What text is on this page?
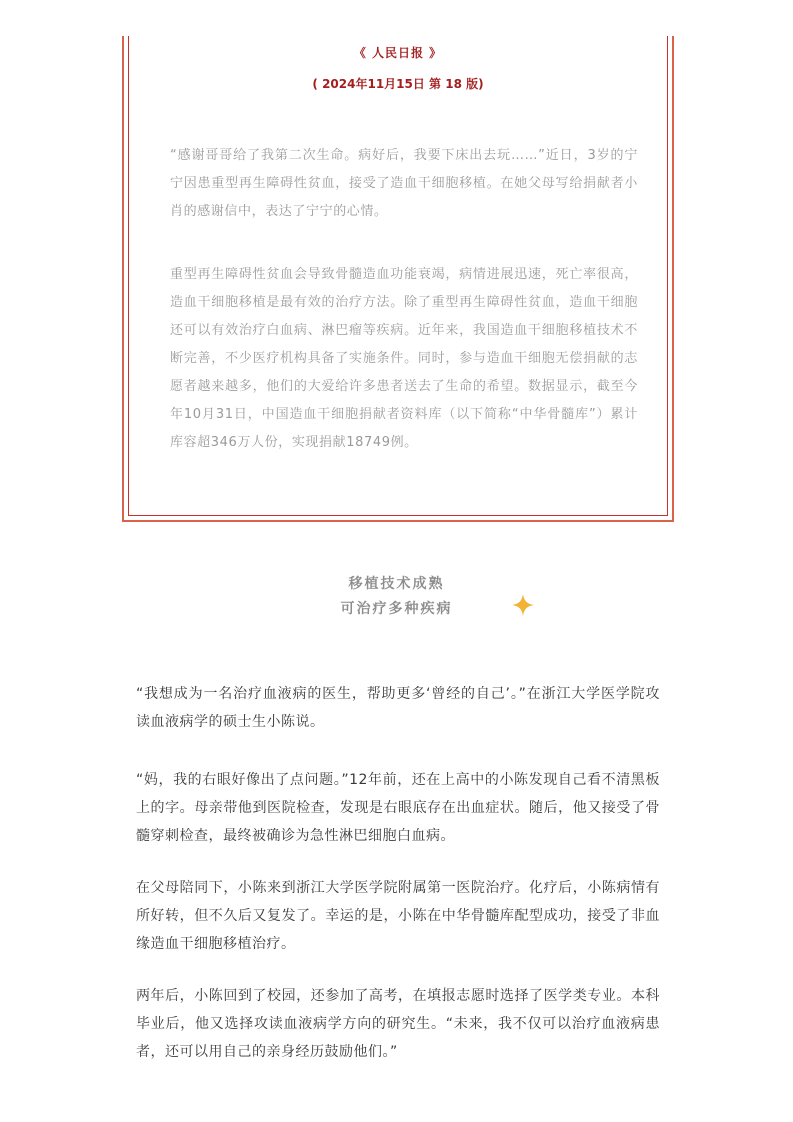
《 人民日报 》
( 2024年11月15日 第 18 版)

“感谢哥哥给了我第二次生命。病好后，我要下床出去玩……”近日，3岁的宁宁因患重型再生障碍性贫血，接受了造血干细胞移植。在她父母写给捐献者小肖的感谢信中，表达了宁宁的心情。

重型再生障碍性贫血会导致骨髓造血功能衰竭，病情进展迅速，死亡率很高，造血干细胞移植是最有效的治疗方法。除了重型再生障碍性贫血，造血干细胞还可以有效治疗白血病、淋巴瘤等疾病。近年来，我国造血干细胞移植技术不断完善，不少医疗机构具备了实施条件。同时，参与造血干细胞无偿捐献的志愿者越来越多，他们的大爱给许多患者送去了生命的希望。数据显示，截至今年10月31日，中国造血干细胞捐献者资料库（以下简称“中华骨髓库”）累计库容超346万人份，实现捐献18749例。

移植技术成熟
可治疗多种疾病

“我想成为一名治疗血液病的医生，帮助更多‘曾经的自己’。”在浙江大学医学院攻读血液病学的硕士生小陈说。

“妈，我的右眼好像出了点问题。”12年前，还在上高中的小陈发现自己看不清黑板上的字。母亲带他到医院检查，发现是右眼底存在出血症状。随后，他又接受了骨髓穿刺检查，最终被确诊为急性淋巴细胞白血病。

在父母陪同下，小陈来到浙江大学医学院附属第一医院治疗。化疗后，小陈病情有所好转，但不久后又复发了。幸运的是，小陈在中华骨髓库配型成功，接受了非血缘造血干细胞移植治疗。

两年后，小陈回到了校园，还参加了高考，在填报志愿时选择了医学类专业。本科毕业后，他又选择攻读血液病学方向的研究生。“未来，我不仅可以治疗血液病患者，还可以用自己的亲身经历鼓励他们。”
